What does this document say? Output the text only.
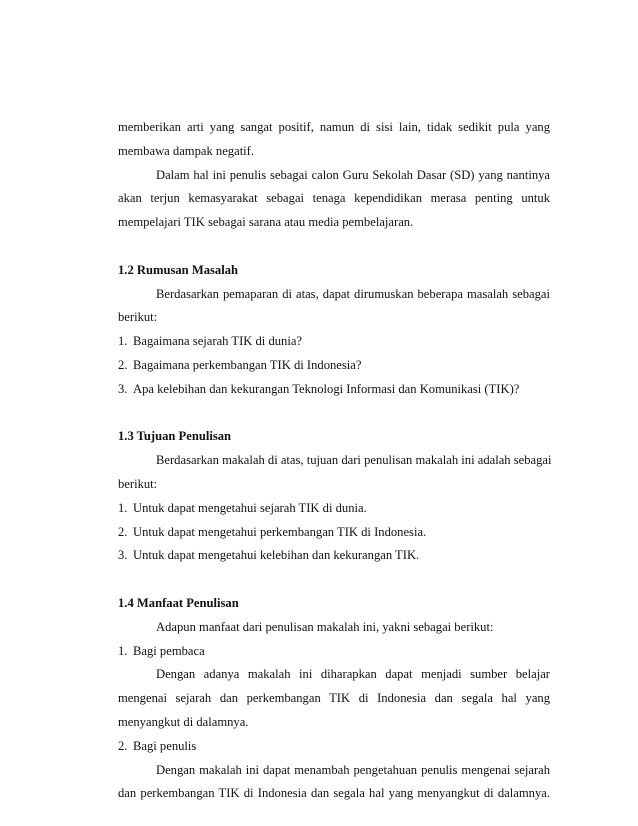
memberikan arti yang sangat positif, namun di sisi lain, tidak sedikit pula yang
membawa dampak negatif.
Dalam hal ini penulis sebagai calon Guru Sekolah Dasar (SD) yang nantinya
akan terjun kemasyarakat sebagai tenaga kependidikan merasa penting untuk
mempelajari TIK sebagai sarana atau media pembelajaran.
1.2 Rumusan Masalah
Berdasarkan pemaparan di atas, dapat dirumuskan beberapa masalah sebagai
berikut:
1. Bagaimana sejarah TIK di dunia?
2. Bagaimana perkembangan TIK di Indonesia?
3. Apa kelebihan dan kekurangan Teknologi Informasi dan Komunikasi (TIK)?
1.3 Tujuan Penulisan
Berdasarkan makalah di atas, tujuan dari penulisan makalah ini adalah sebagai
berikut:
1. Untuk dapat mengetahui sejarah TIK di dunia.
2. Untuk dapat mengetahui perkembangan TIK di Indonesia.
3. Untuk dapat mengetahui kelebihan dan kekurangan TIK.
1.4 Manfaat Penulisan
Adapun manfaat dari penulisan makalah ini, yakni sebagai berikut:
1. Bagi pembaca
Dengan adanya makalah ini diharapkan dapat menjadi sumber belajar
mengenai sejarah dan perkembangan TIK di Indonesia dan segala hal yang
menyangkut di dalamnya.
2. Bagi penulis
Dengan makalah ini dapat menambah pengetahuan penulis mengenai sejarah
dan perkembangan TIK di Indonesia dan segala hal yang menyangkut di dalamnya.
